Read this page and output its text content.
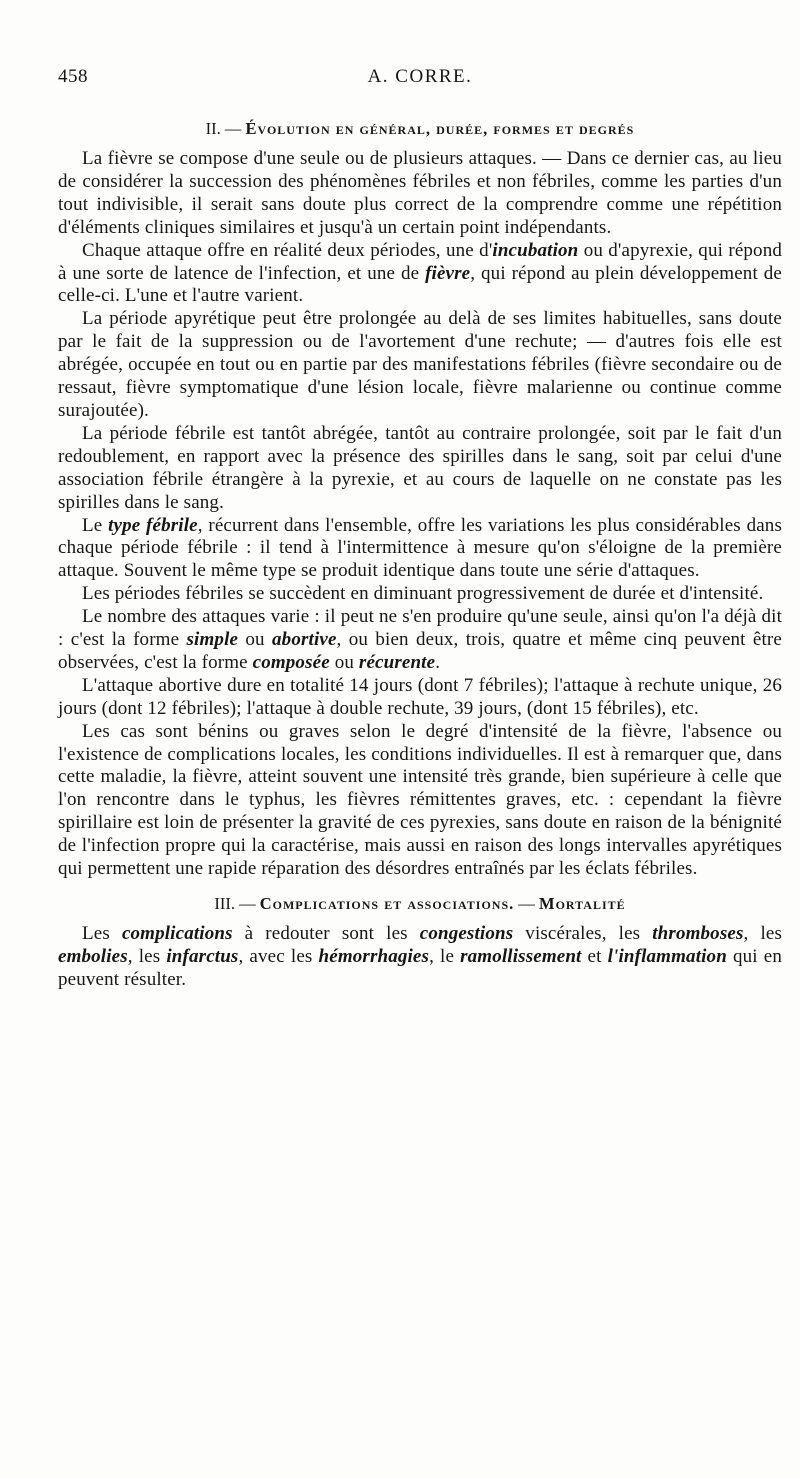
458	A. CORRE.
II. — Évolution en général, durée, formes et degrés

La fièvre se compose d'une seule ou de plusieurs attaques. — Dans ce dernier cas, au lieu de considérer la succession des phénomènes fébriles et non fébriles, comme les parties d'un tout indivisible, il serait sans doute plus correct de la comprendre comme une répétition d'éléments cliniques similaires et jusqu'à un certain point indépendants.

Chaque attaque offre en réalité deux périodes, une d'incubation ou d'apyrexie, qui répond à une sorte de latence de l'infection, et une de fièvre, qui répond au plein développement de celle-ci. L'une et l'autre varient.

La période apyrétique peut être prolongée au delà de ses limites habituelles, sans doute par le fait de la suppression ou de l'avortement d'une rechute; — d'autres fois elle est abrégée, occupée en tout ou en partie par des manifestations fébriles (fièvre secondaire ou de ressaut, fièvre symptomatique d'une lésion locale, fièvre malarienne ou continue comme surajoutée).

La période fébrile est tantôt abrégée, tantôt au contraire prolongée, soit par le fait d'un redoublement, en rapport avec la présence des spirilles dans le sang, soit par celui d'une association fébrile étrangère à la pyrexie, et au cours de laquelle on ne constate pas les spirilles dans le sang.

Le type fébrile, récurrent dans l'ensemble, offre les variations les plus considérables dans chaque période fébrile : il tend à l'intermittence à mesure qu'on s'éloigne de la première attaque. Souvent le même type se produit identique dans toute une série d'attaques.

Les périodes fébriles se succèdent en diminuant progressivement de durée et d'intensité.

Le nombre des attaques varie : il peut ne s'en produire qu'une seule, ainsi qu'on l'a déjà dit : c'est la forme simple ou abortive, ou bien deux, trois, quatre et même cinq peuvent être observées, c'est la forme composée ou récurente.

L'attaque abortive dure en totalité 14 jours (dont 7 fébriles); l'attaque à rechute unique, 26 jours (dont 12 fébriles); l'attaque à double rechute, 39 jours, (dont 15 fébriles), etc.

Les cas sont bénins ou graves selon le degré d'intensité de la fièvre, l'absence ou l'existence de complications locales, les conditions individuelles. Il est à remarquer que, dans cette maladie, la fièvre, atteint souvent une intensité très grande, bien supérieure à celle que l'on rencontre dans le typhus, les fièvres rémittentes graves, etc. : cependant la fièvre spirillaire est loin de présenter la gravité de ces pyrexies, sans doute en raison de la bénignité de l'infection propre qui la caractérise, mais aussi en raison des longs intervalles apyrétiques qui permettent une rapide réparation des désordres entraînés par les éclats fébriles.

III. — Complications et associations. — Mortalité

Les complications à redouter sont les congestions viscérales, les thromboses, les embolies, les infarctus, avec les hémorrhagies, le ramollissement et l'inflammation qui en peuvent résulter.
